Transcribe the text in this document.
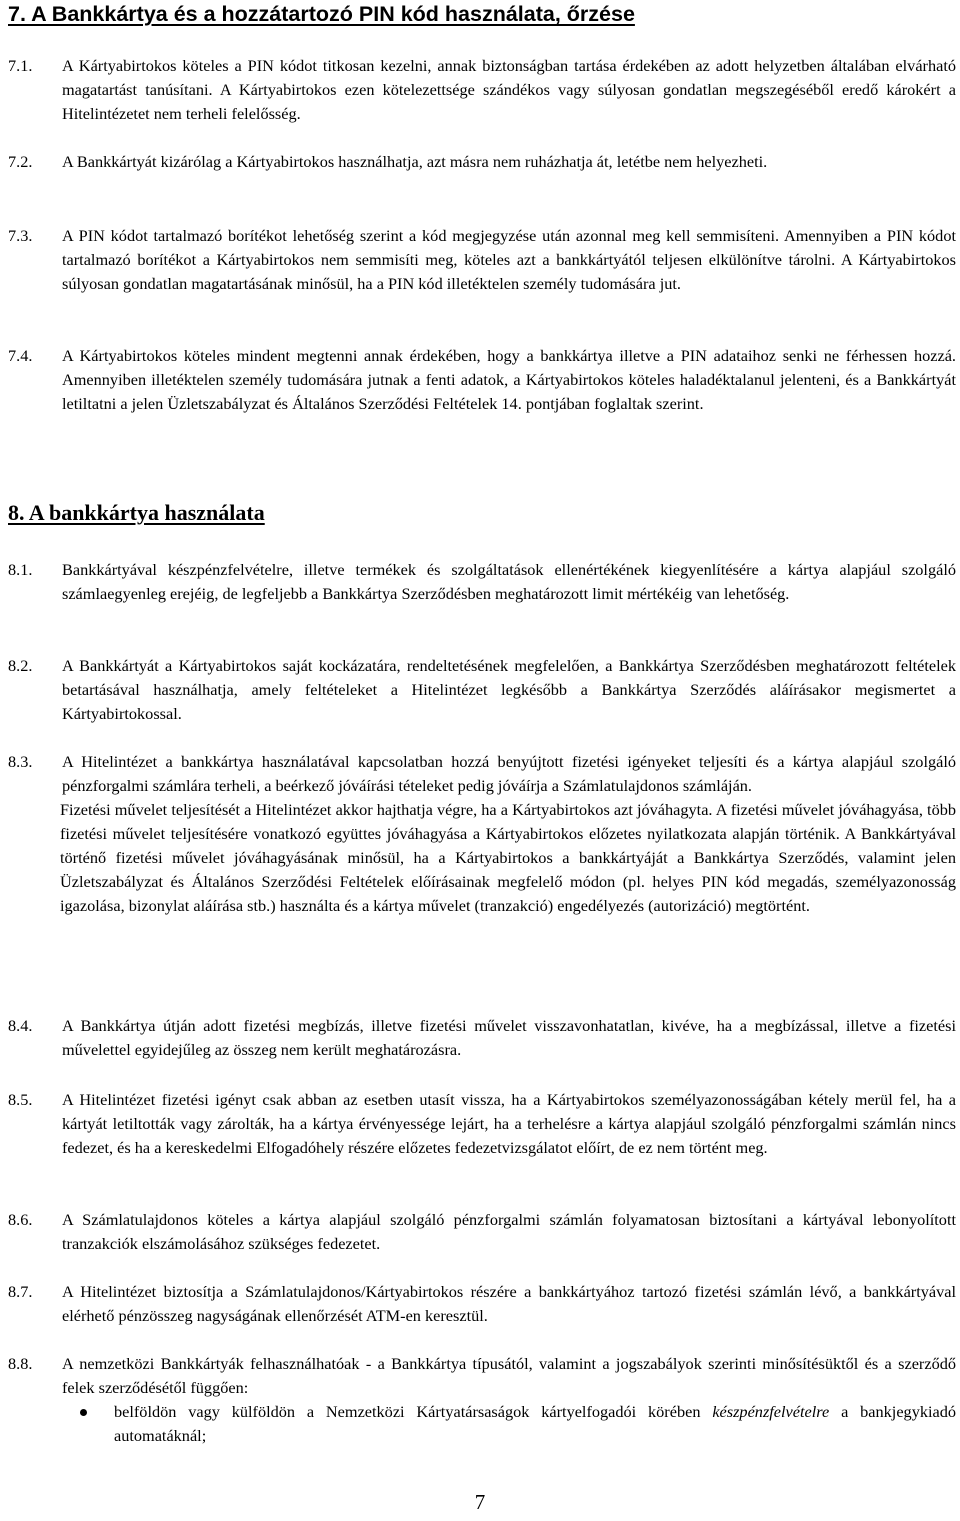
7. A Bankkártya és a hozzátartozó PIN kód használata, őrzése
7.1. A Kártyabirtokos köteles a PIN kódot titkosan kezelni, annak biztonságban tartása érdekében az adott helyzetben általában elvárható magatartást tanúsítani. A Kártyabirtokos ezen kötelezettsége szándékos vagy súlyosan gondatlan megszegéséből eredő károkért a Hitelintézetet nem terheli felelősség.

7.2. A Bankkártyát kizárólag a Kártyabirtokos használhatja, azt másra nem ruházhatja át, letétbe nem helyezheti.

7.3. A PIN kódot tartalmazó borítékot lehetőség szerint a kód megjegyzése után azonnal meg kell semmisíteni. Amennyiben a PIN kódot tartalmazó borítékot a Kártyabirtokos nem semmisíti meg, köteles azt a bankkártyától teljesen elkülönítve tárolni. A Kártyabirtokos súlyosan gondatlan magatartásának minősül, ha a PIN kód illetéktelen személy tudomására jut.

7.4. A Kártyabirtokos köteles mindent megtenni annak érdekében, hogy a bankkártya illetve a PIN adataihoz senki ne férhessen hozzá. Amennyiben illetéktelen személy tudomására jutnak a fenti adatok, a Kártyabirtokos köteles haladéktalanul jelenteni, és a Bankkártyát letiltatni a jelen Üzletszabályzat és Általános Szerződési Feltételek 14. pontjában foglaltak szerint.

8. A bankkártya használata
8.1. Bankkártyával készpénzfelvételre, illetve termékek és szolgáltatások ellenértékének kiegyenlítésére a kártya alapjául szolgáló számlaegyenleg erejéig, de legfeljebb a Bankkártya Szerződésben meghatározott limit mértékéig van lehetőség.

8.2. A Bankkártyát a Kártyabirtokos saját kockázatára, rendeltetésének megfelelően, a Bankkártya Szerződésben meghatározott feltételek betartásával használhatja, amely feltételeket a Hitelintézet legkésőbb a Bankkártya Szerződés aláírásakor megismertet a Kártyabirtokossal.

8.3. A Hitelintézet a bankkártya használatával kapcsolatban hozzá benyújtott fizetési igényeket teljesíti és a kártya alapjául szolgáló pénzforgalmi számlára terheli, a beérkező jóváírási tételeket pedig jóváírja a Számlatulajdonos számláján.

Fizetési művelet teljesítését a Hitelintézet akkor hajthatja végre, ha a Kártyabirtokos azt jóváhagyta. A fizetési művelet jóváhagyása, több fizetési művelet teljesítésére vonatkozó együttes jóváhagyása a Kártyabirtokos előzetes nyilatkozata alapján történik. A Bankkártyával történő fizetési művelet jóváhagyásának minősül, ha a Kártyabirtokos a bankkártyáját a Bankkártya Szerződés, valamint jelen Üzletszabályzat és Általános Szerződési Feltételek előírásainak megfelelő módon (pl. helyes PIN kód megadás, személyazonosság igazolása, bizonylat aláírása stb.) használta és a kártya művelet (tranzakció) engedélyezés (autorizáció) megtörtént.

8.4. A Bankkártya útján adott fizetési megbízás, illetve fizetési művelet visszavonhatatlan, kivéve, ha a megbízással, illetve a fizetési művelettel egyidejűleg az összeg nem került meghatározásra.

8.5. A Hitelintézet fizetési igényt csak abban az esetben utasít vissza, ha a Kártyabirtokos személyazonosságában kétely merül fel, ha a kártyát letiltották vagy zárolták, ha a kártya érvényessége lejárt, ha a terhelésre a kártya alapjául szolgáló pénzforgalmi számlán nincs fedezet, és ha a kereskedelmi Elfogadóhely részére előzetes fedezetvizsgálatot előírt, de ez nem történt meg.

8.6. A Számlatulajdonos köteles a kártya alapjául szolgáló pénzforgalmi számlán folyamatosan biztosítani a kártyával lebonyolított tranzakciók elszámolásához szükséges fedezetet.

8.7. A Hitelintézet biztosítja a Számlatulajdonos/Kártyabirtokos részére a bankkártyához tartozó fizetési számlán lévő, a bankkártyával elérhető pénzösszeg nagyságának ellenőrzését ATM-en keresztül.

8.8. A nemzetközi Bankkártyák felhasználhatóak - a Bankkártya típusától, valamint a jogszabályok szerinti minősítésüktől és a szerződő felek szerződésétől függően:

belföldön vagy külföldön a Nemzetközi Kártyatársaságok kártyelfogadói körében készpénzfelvételre a bankjegykiadó automatáknál;
7
